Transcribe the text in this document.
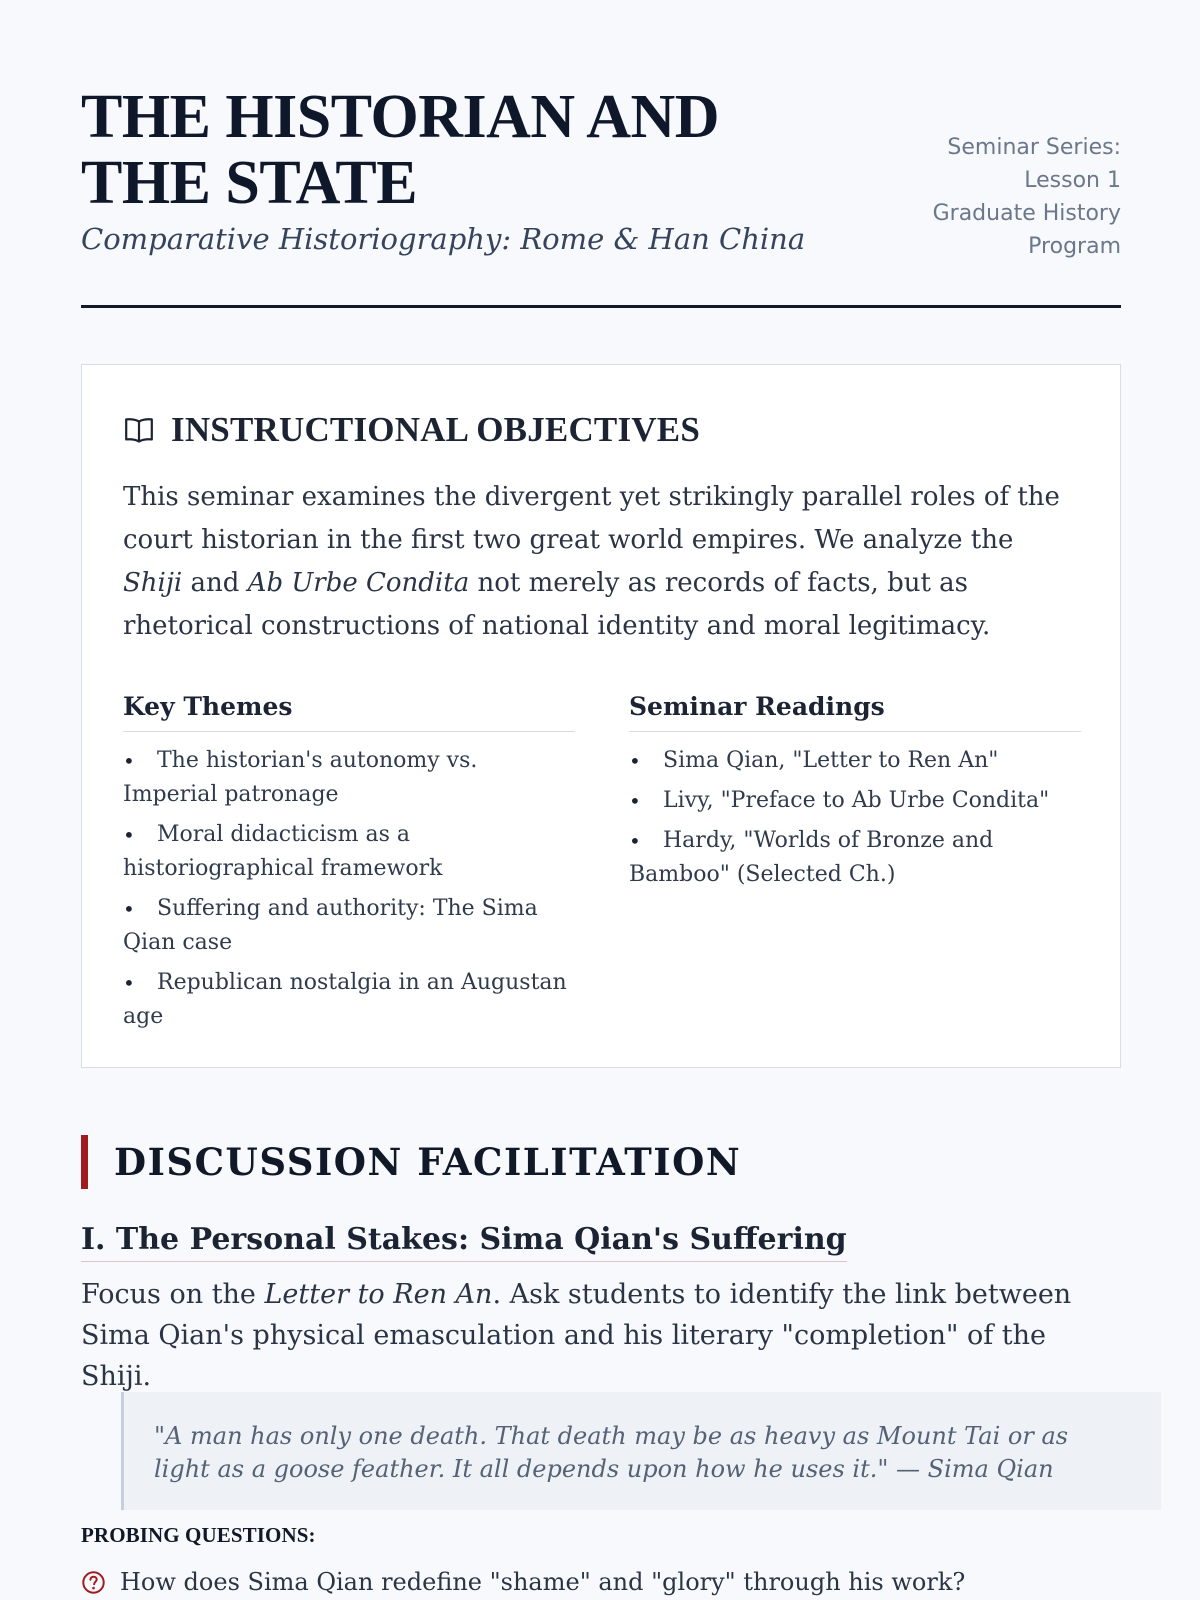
THE HISTORIAN AND THE STATE
Comparative Historiography: Rome & Han China
Seminar Series:
Lesson 1
Graduate History
Program
INSTRUCTIONAL OBJECTIVES

This seminar examines the divergent yet strikingly parallel roles of the court historian in the first two great world empires. We analyze the Shiji and Ab Urbe Condita not merely as records of facts, but as rhetorical constructions of national identity and moral legitimacy.

Key Themes
• The historian's autonomy vs. Imperial patronage
• Moral didacticism as a historiographical framework
• Suffering and authority: The Sima Qian case
• Republican nostalgia in an Augustan age
Seminar Readings
• Sima Qian, "Letter to Ren An"
• Livy, "Preface to Ab Urbe Condita"
• Hardy, "Worlds of Bronze and Bamboo" (Selected Ch.)
DISCUSSION FACILITATION
I. The Personal Stakes: Sima Qian's Suffering

Focus on the Letter to Ren An. Ask students to identify the link between Sima Qian's physical emasculation and his literary "completion" of the Shiji.

"A man has only one death. That death may be as heavy as Mount Tai or as light as a goose feather. It all depends upon how he uses it." — Sima Qian

PROBING QUESTIONS:
How does Sima Qian redefine "shame" and "glory" through his work?
